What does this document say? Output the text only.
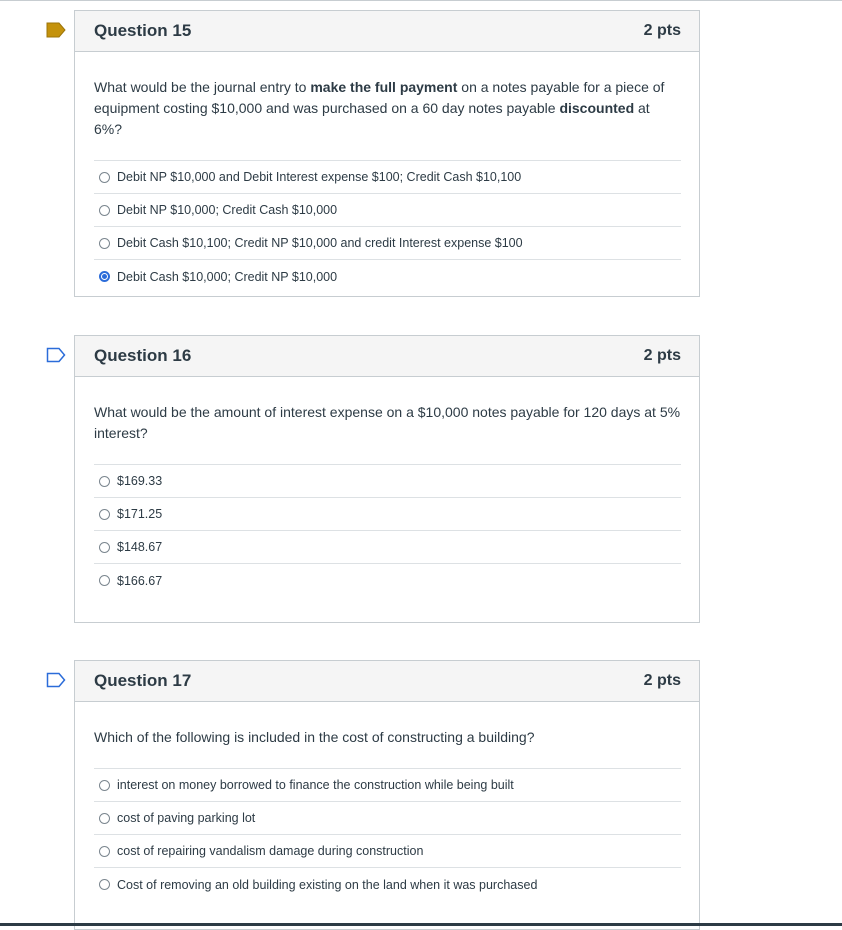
Question 15	2 pts
What would be the journal entry to make the full payment on a notes payable for a piece of equipment costing $10,000 and was purchased on a 60 day notes payable discounted at 6%?
Debit NP $10,000 and Debit Interest expense $100; Credit Cash $10,100
Debit NP $10,000; Credit Cash $10,000
Debit Cash $10,100; Credit NP $10,000 and credit Interest expense $100
Debit Cash $10,000; Credit NP $10,000
Question 16	2 pts
What would be the amount of interest expense on a $10,000 notes payable for 120 days at 5% interest?
$169.33
$171.25
$148.67
$166.67
Question 17	2 pts
Which of the following is included in the cost of constructing a building?
interest on money borrowed to finance the construction while being built
cost of paving parking lot
cost of repairing vandalism damage during construction
Cost of removing an old building existing on the land when it was purchased
